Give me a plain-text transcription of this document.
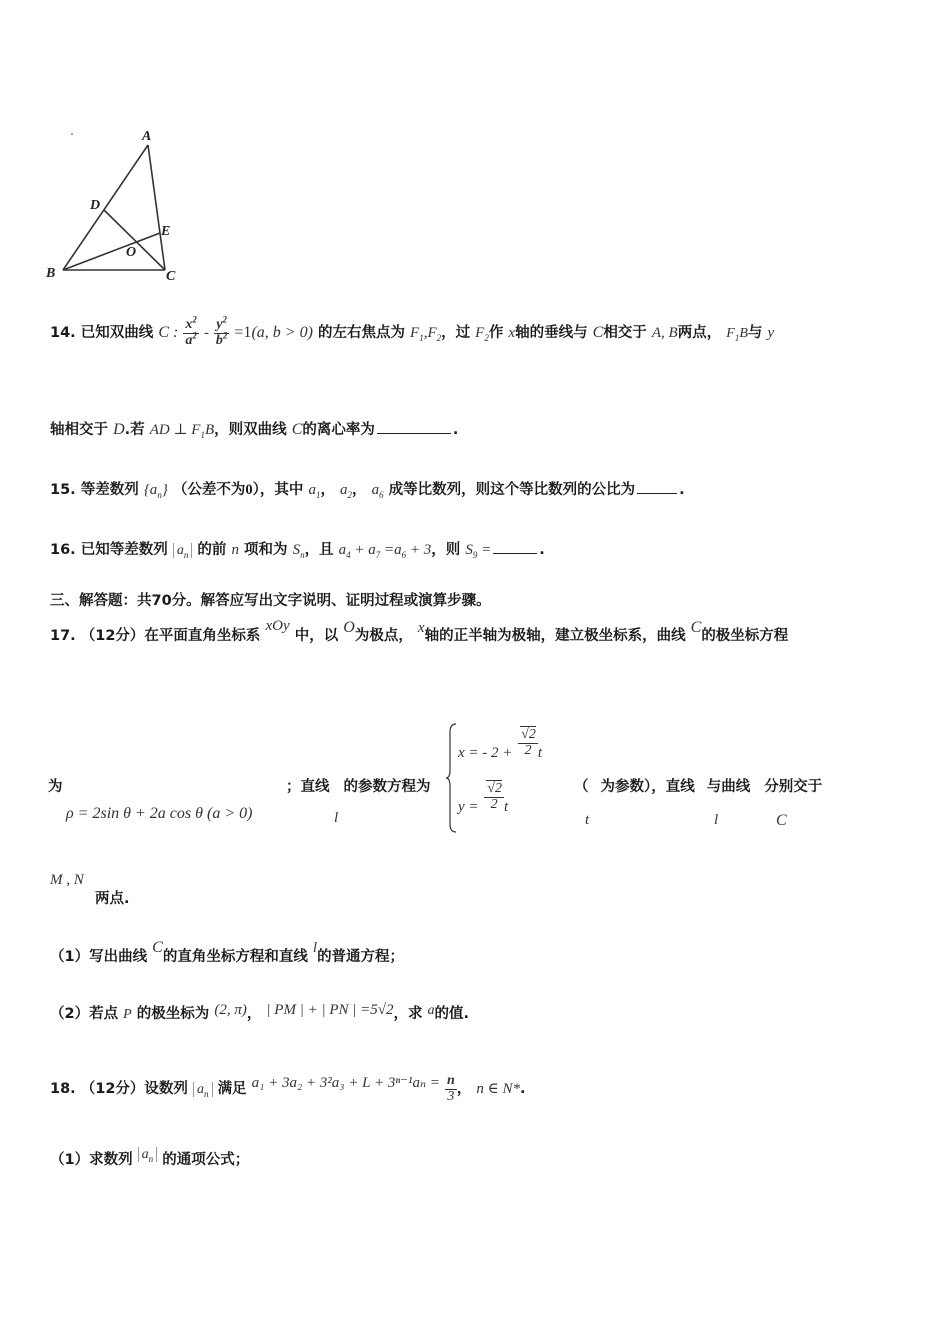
A
B	C
D
E
O
14. 已知双曲线 C : $\frac{x^2}{a^2} - \frac{y^2}{b^2} =1(a$, b > 0) 的左右焦点为 $F_1,F_2$，过 $F_2$作 x轴的垂线与 C相交于 A, B两点， $F_1B$与 y
轴相交于 D.若 AD ⊥ $F_1B$，则双曲线 C的离心率为	.
15. 等差数列 $\{a_n\}$ （公差不为0），其中 $a_1$， $a_2$， $a_6$ 成等比数列，则这个等比数列的公比为	.
16. 已知等差数列 $a_n$ 的前 n 项和为 $S_n$，且 $a_4 + a_7 =a_6 + 3$，则 $S_9$ =	.
三、解答题：共70分。解答应写出文字说明、证明过程或演算步骤。
17. （12分）在平面直角坐标系 xOy 中，以 O为极点， x轴的正半轴为极轴，建立极坐标系，曲线 C的极坐标方程
为
ρ = 2sin θ + 2a cos θ (a > 0)
；直线 的参数方程为
l
x = - $2 + \frac{√2}{2}$ t
$y = \frac{√2}{2}$ t
（ 为参数），直线 与曲线 分别交于
t	l	C
M , N
两点.
（1）写出曲线 C的直角坐标方程和直线 l的普通方程；
（2）若点 P 的极坐标为 (2, π)， | PM | + | PN | =5√2，求 a的值.
18. （12分）设数列 $a_n$ 满足 $a_1 + 3a_2 + 3^2a_3 + L + 3^{n-1}a_n = \frac{n}{3}$ ， n ∈ N*.
（1）求数列 $a_n$ 的通项公式；
